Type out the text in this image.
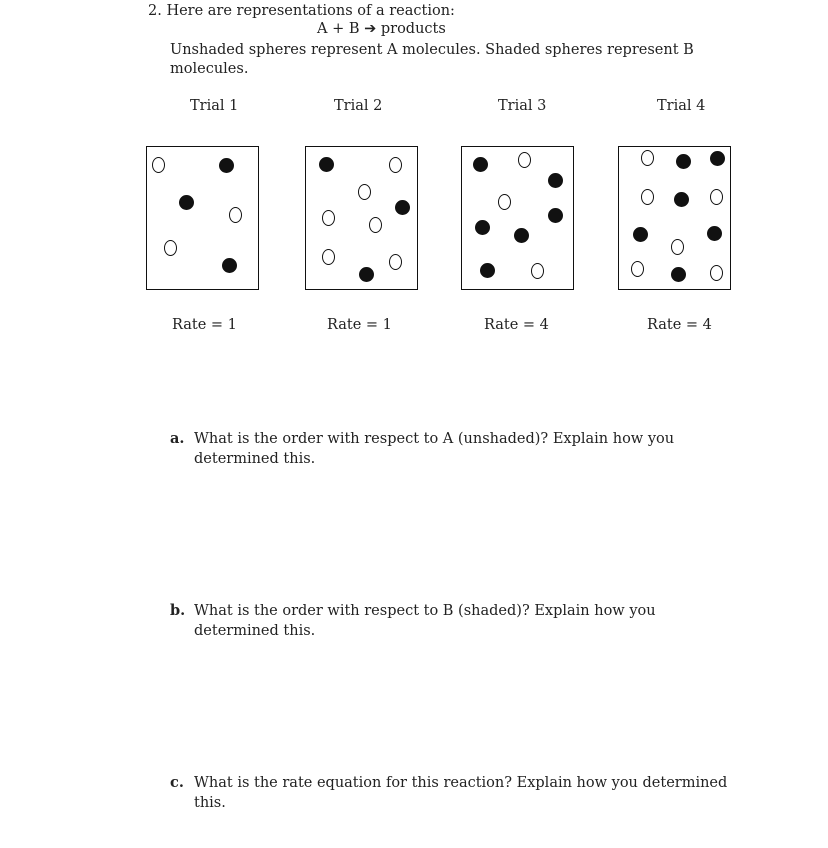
2. Here are representations of a reaction:
A + B ➔ products
Unshaded spheres represent A molecules. Shaded spheres represent B
molecules.
Trial 1	Trial 2	Trial 3	Trial 4
Rate = 1	Rate = 1	Rate = 4	Rate = 4
a. What is the order with respect to A (unshaded)? Explain how you
determined this.
b. What is the order with respect to B (shaded)? Explain how you
determined this.
c. What is the rate equation for this reaction? Explain how you determined
this.
